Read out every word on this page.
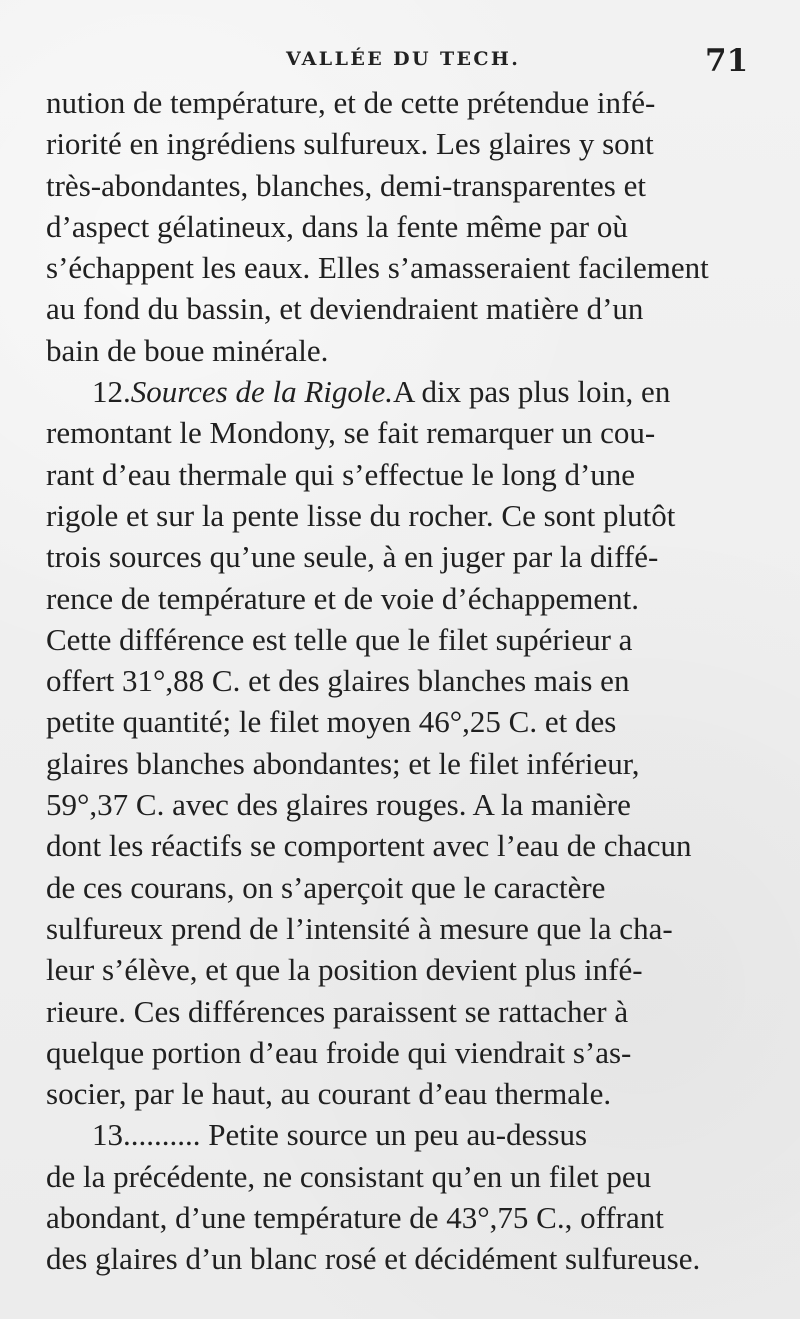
VALLÉE DU TECH.	71
nution de température, et de cette prétendue infé-
riorité en ingrédiens sulfureux. Les glaires y sont
très-abondantes, blanches, demi-transparentes et
d’aspect gélatineux, dans la fente même par où
s’échappent les eaux. Elles s’amasseraient facilement
au fond du bassin, et deviendraient matière d’un
bain de boue minérale.
12.Sources de la Rigole.A dix pas plus loin, en
remontant le Mondony, se fait remarquer un cou-
rant d’eau thermale qui s’effectue le long d’une
rigole et sur la pente lisse du rocher. Ce sont plutôt
trois sources qu’une seule, à en juger par la diffé-
rence de température et de voie d’échappement.
Cette différence est telle que le filet supérieur a
offert 31°,88 C. et des glaires blanches mais en
petite quantité; le filet moyen 46°,25 C. et des
glaires blanches abondantes; et le filet inférieur,
59°,37 C. avec des glaires rouges. A la manière
dont les réactifs se comportent avec l’eau de chacun
de ces courans, on s’aperçoit que le caractère
sulfureux prend de l’intensité à mesure que la cha-
leur s’élève, et que la position devient plus infé-
rieure. Ces différences paraissent se rattacher à
quelque portion d’eau froide qui viendrait s’as-
socier, par le haut, au courant d’eau thermale.
13.......... Petite source un peu au-dessus
de la précédente, ne consistant qu’en un filet peu
abondant, d’une température de 43°,75 C., offrant
des glaires d’un blanc rosé et décidément sulfureuse.
